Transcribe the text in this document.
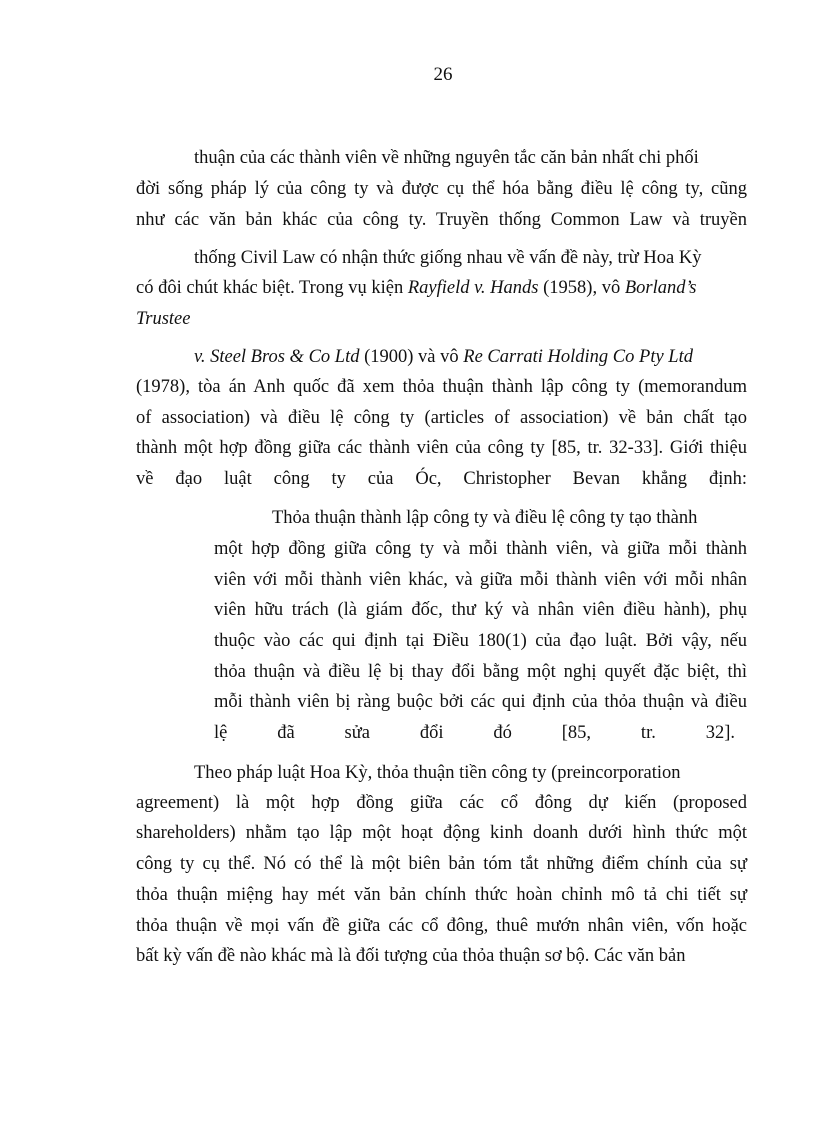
26
thuận của các thành viên về những nguyên tắc căn bản nhất chi phối
đời sống pháp lý của công ty và được cụ thể hóa bằng điều lệ công ty, cũng
như các văn bản khác của công ty. Truyền thống Common Law và truyền
thống Civil Law có nhận thức giống nhau về vấn đề này, trừ Hoa Kỳ
có đôi chút khác biệt. Trong vụ kiện Rayfield v. Hands (1958), vô Borland’s
Trustee
v. Steel Bros & Co Ltd (1900) và vô Re Carrati Holding Co Pty Ltd
(1978), tòa án Anh quốc đã xem thỏa thuận thành lập công ty (memorandum
of association) và điều lệ công ty (articles of association) về bản chất tạo
thành một hợp đồng giữa các thành viên của công ty [85, tr. 32-33]. Giới thiệu
về đạo luật công ty của Óc, Christopher Bevan khẳng định:
Thỏa thuận thành lập công ty và điều lệ công ty tạo thành
một hợp đồng giữa công ty và mỗi thành viên, và giữa mỗi thành
viên với mỗi thành viên khác, và giữa mỗi thành viên với mỗi nhân
viên hữu trách (là giám đốc, thư ký và nhân viên điều hành), phụ
thuộc vào các qui định tại Điều 180(1) của đạo luật. Bởi vậy, nếu
thỏa thuận và điều lệ bị thay đổi bằng một nghị quyết đặc biệt, thì
mỗi thành viên bị ràng buộc bởi các qui định của thỏa thuận và điều
lệ đã sửa đổi đó [85, tr. 32].
Theo pháp luật Hoa Kỳ, thỏa thuận tiền công ty (preincorporation
agreement) là một hợp đồng giữa các cổ đông dự kiến (proposed
shareholders) nhằm tạo lập một hoạt động kinh doanh dưới hình thức một
công ty cụ thể. Nó có thể là một biên bản tóm tắt những điểm chính của sự
thỏa thuận miệng hay mét văn bản chính thức hoàn chỉnh mô tả chi tiết sự
thỏa thuận về mọi vấn đề giữa các cổ đông, thuê mướn nhân viên, vốn hoặc
bất kỳ vấn đề nào khác mà là đối tượng của thỏa thuận sơ bộ. Các văn bản
